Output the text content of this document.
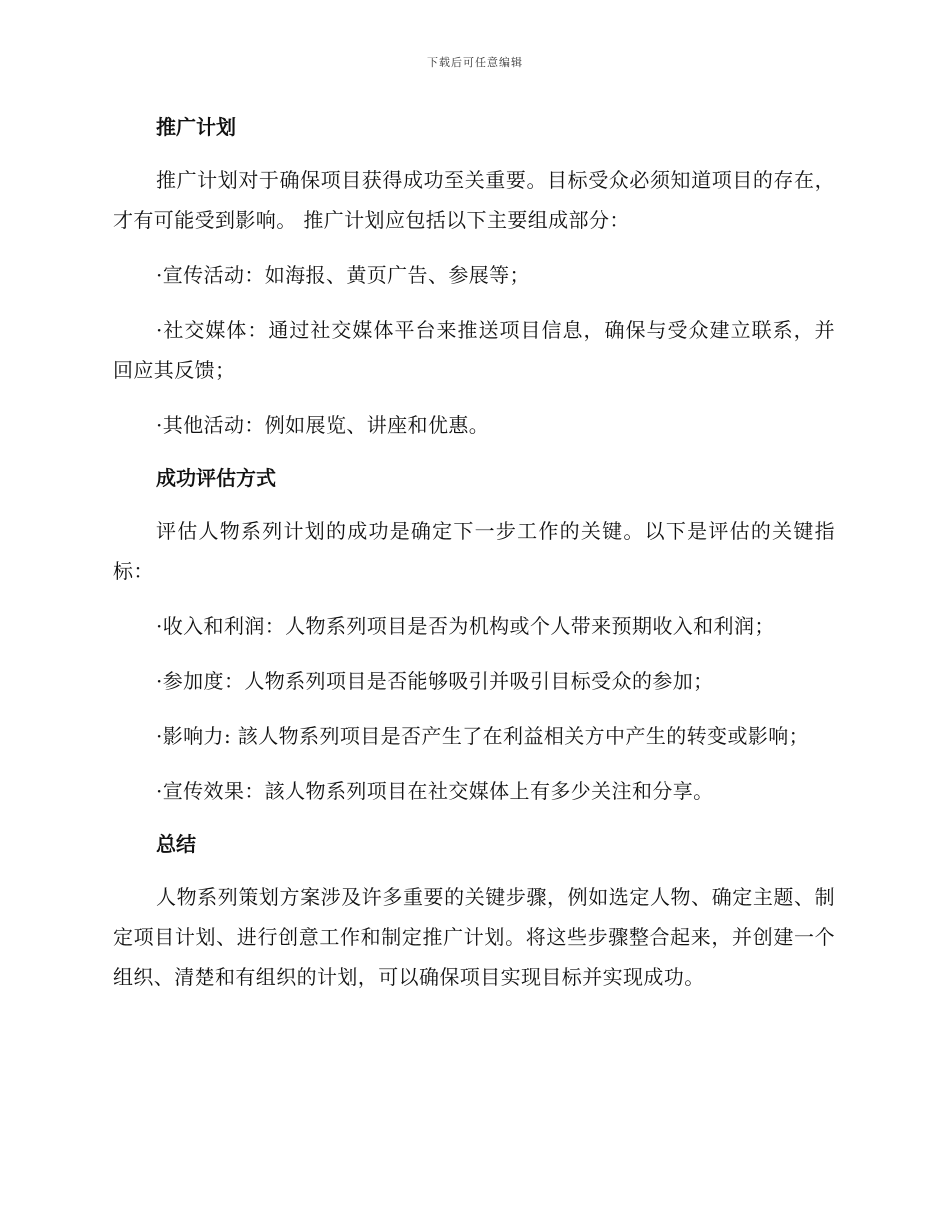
下载后可任意编辑
推广计划

推广计划对于确保项目获得成功至关重要。目标受众必须知道项目的存在，才有可能受到影响。 推广计划应包括以下主要组成部分：

·宣传活动：如海报、黄页广告、参展等；

·社交媒体：通过社交媒体平台来推送项目信息，确保与受众建立联系，并回应其反馈；

·其他活动：例如展览、讲座和优惠。

成功评估方式

评估人物系列计划的成功是确定下一步工作的关键。以下是评估的关键指标：

·收入和利润：人物系列项目是否为机构或个人带来预期收入和利润；

·参加度：人物系列项目是否能够吸引并吸引目标受众的参加；

·影响力: 該人物系列项目是否产生了在利益相关方中产生的转变或影响；

·宣传效果：該人物系列项目在社交媒体上有多少关注和分享。

总结

人物系列策划方案涉及许多重要的关键步骤，例如选定人物、确定主题、制定项目计划、进行创意工作和制定推广计划。将这些步骤整合起来，并创建一个组织、清楚和有组织的计划，可以确保项目实现目标并实现成功。
